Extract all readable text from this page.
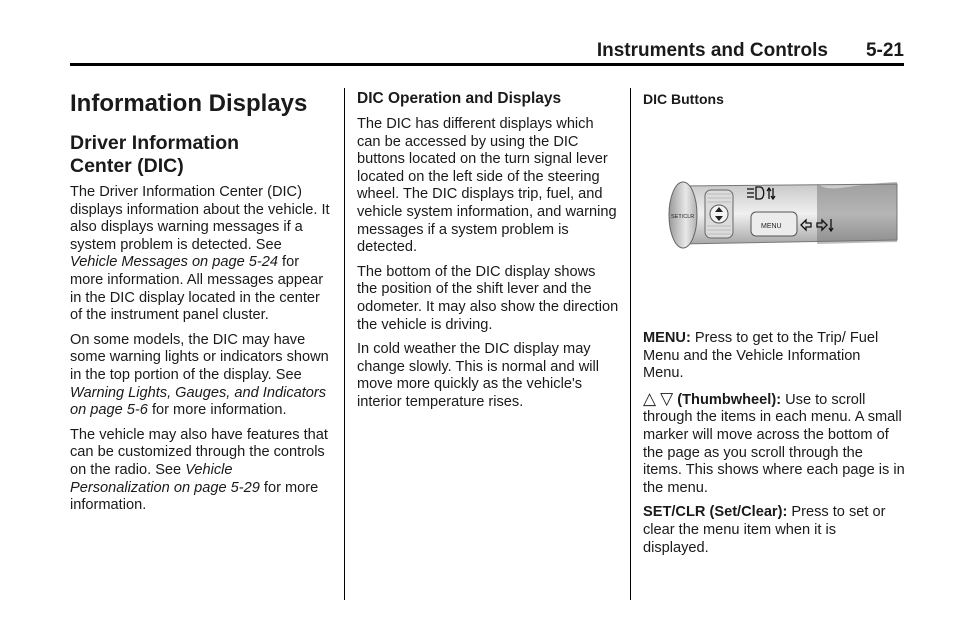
Instruments and Controls 5-21
Information Displays
Driver Information
Center (DIC)

The Driver Information Center (DIC) displays information about the vehicle. It also displays warning messages if a system problem is detected. See Vehicle Messages on page 5-24 for more information. All messages appear in the DIC display located in the center of the instrument panel cluster.

On some models, the DIC may have some warning lights or indicators shown in the top portion of the display. See Warning Lights, Gauges, and Indicators on page 5-6 for more information.

The vehicle may also have features that can be customized through the controls on the radio. See Vehicle Personalization on page 5-29 for more information.

DIC Operation and Displays

The DIC has different displays which can be accessed by using the DIC buttons located on the turn signal lever located on the left side of the steering wheel. The DIC displays trip, fuel, and vehicle system information, and warning messages if a system problem is detected.

The bottom of the DIC display shows the position of the shift lever and the odometer. It may also show the direction the vehicle is driving.

In cold weather the DIC display may change slowly. This is normal and will move more quickly as the vehicle's interior temperature rises.

DIC Buttons
SET/CLR
MENU

MENU: Press to get to the Trip/ Fuel Menu and the Vehicle Information Menu.

△ ▽ (Thumbwheel): Use to scroll through the items in each menu. A small marker will move across the bottom of the page as you scroll through the items. This shows where each page is in the menu.

SET/CLR (Set/Clear): Press to set or clear the menu item when it is displayed.
